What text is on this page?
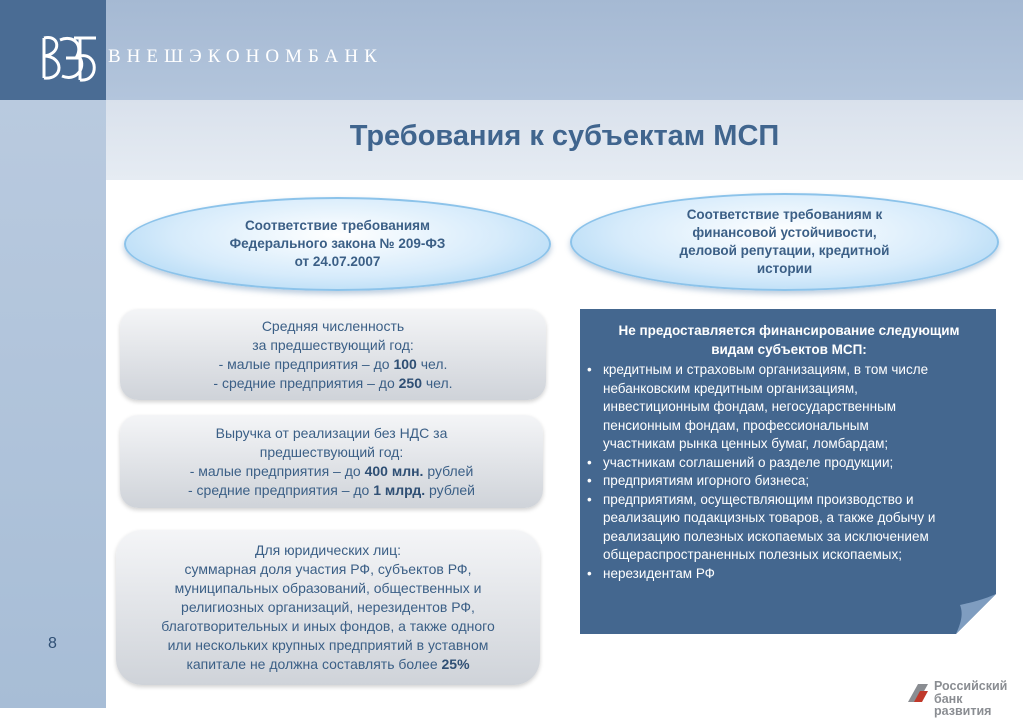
ВНЕШЭКОНОМБАНК
Требования к субъектам МСП
Соответствие требованиям
Федерального закона № 209-ФЗ
от 24.07.2007
Соответствие требованиям к
финансовой устойчивости,
деловой репутации, кредитной
истории
Средняя численность
за предшествующий год:
- малые предприятия – до 100 чел.
- средние предприятия – до 250 чел.
Выручка от реализации без НДС за
предшествующий год:
- малые предприятия – до 400 млн. рублей
- средние предприятия – до 1 млрд. рублей
Для юридических лиц:
суммарная доля участия РФ, субъектов РФ,
муниципальных образований, общественных и
религиозных организаций, нерезидентов РФ,
благотворительных и иных фондов, а также одного
или нескольких крупных предприятий в уставном
капитале не должна составлять более 25%
Не предоставляется финансирование следующим
видам субъектов МСП:
• кредитным и страховым организациям, в том числе
небанковским кредитным организациям,
инвестиционным фондам, негосударственным
пенсионным фондам, профессиональным
участникам рынка ценных бумаг, ломбардам;
• участникам соглашений о разделе продукции;
• предприятиям игорного бизнеса;
• предприятиям, осуществляющим производство и
реализацию подакцизных товаров, а также добычу и
реализацию полезных ископаемых за исключением
общераспространенных полезных ископаемых;
• нерезидентам РФ
8
Российский
банк развития
